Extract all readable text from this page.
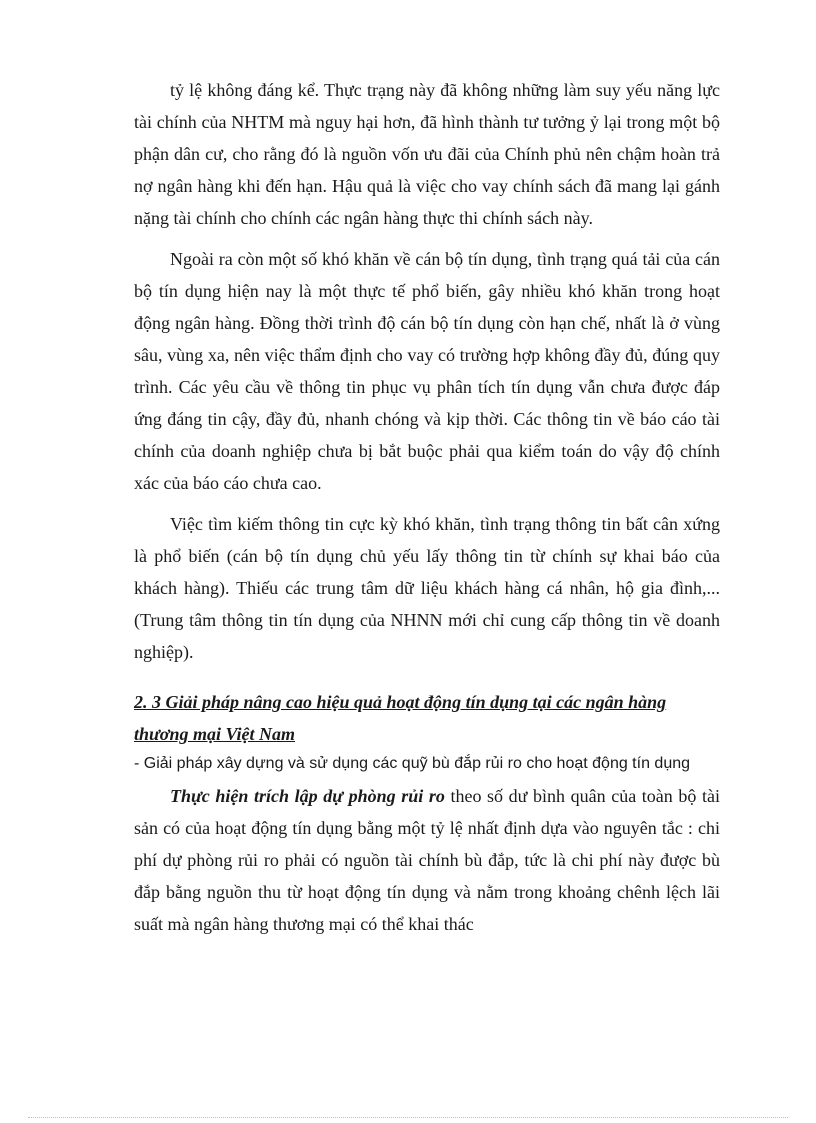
tỷ lệ không đáng kể. Thực trạng này đã không những làm suy yếu năng lực tài chính của NHTM mà nguy hại hơn, đã hình thành tư tưởng ỷ lại trong một bộ phận dân cư, cho rằng đó là nguồn vốn ưu đãi của Chính phủ nên chậm hoàn trả nợ ngân hàng khi đến hạn. Hậu quả là việc cho vay chính sách đã mang lại gánh nặng tài chính cho chính các ngân hàng thực thi chính sách này.

Ngoài ra còn một số khó khăn về cán bộ tín dụng, tình trạng quá tải của cán bộ tín dụng hiện nay là một thực tế phổ biến, gây nhiều khó khăn trong hoạt động ngân hàng. Đồng thời trình độ cán bộ tín dụng còn hạn chế, nhất là ở vùng sâu, vùng xa, nên việc thẩm định cho vay có trường hợp không đầy đủ, đúng quy trình. Các yêu cầu về thông tin phục vụ phân tích tín dụng vẫn chưa được đáp ứng đáng tin cậy, đầy đủ, nhanh chóng và kịp thời. Các thông tin về báo cáo tài chính của doanh nghiệp chưa bị bắt buộc phải qua kiểm toán do vậy độ chính xác của báo cáo chưa cao.

Việc tìm kiếm thông tin cực kỳ khó khăn, tình trạng thông tin bất cân xứng là phổ biến (cán bộ tín dụng chủ yếu lấy thông tin từ chính sự khai báo của khách hàng). Thiếu các trung tâm dữ liệu khách hàng cá nhân, hộ gia đình,... (Trung tâm thông tin tín dụng của NHNN mới chỉ cung cấp thông tin về doanh nghiệp).

2. 3 Giải pháp nâng cao hiệu quả hoạt động tín dụng tại các ngân hàng thương mại Việt Nam
- Giải pháp xây dựng và sử dụng các quỹ bù đắp rủi ro cho hoạt động tín dụng

Thực hiện trích lập dự phòng rủi ro theo số dư bình quân của toàn bộ tài sản có của hoạt động tín dụng bằng một tỷ lệ nhất định dựa vào nguyên tắc : chi phí dự phòng rủi ro phải có nguồn tài chính bù đắp, tức là chi phí này được bù đắp bằng nguồn thu từ hoạt động tín dụng và nằm trong khoảng chênh lệch lãi suất mà ngân hàng thương mại có thể khai thác
